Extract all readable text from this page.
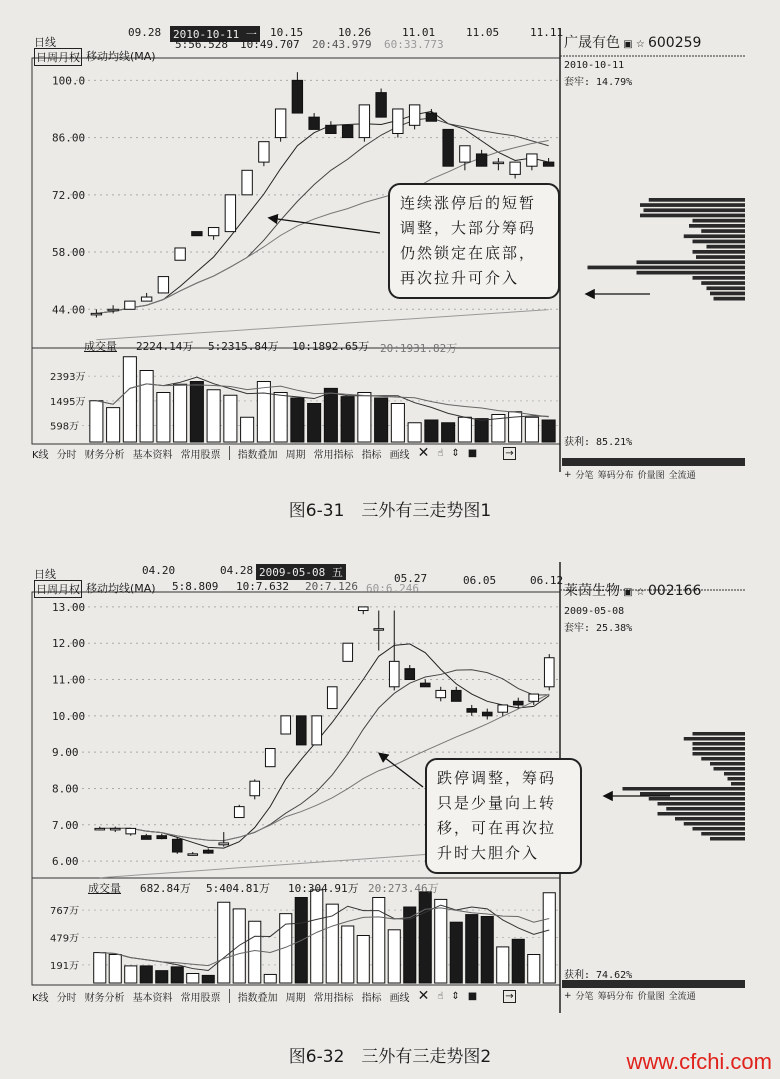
100.0
86.00
72.00
58.00
44.00
2393万
1495万
598万
日线
日周月权 移动均线(MA)
09.28 2010-10-11 一 10.15	10.26	11.01	11.05	11.11
5:56.528 10:49.707 20:43.979 60:33.773
成交量 2224.14万 5:2315.84万 10:1892.65万 20:1931.82万
K线 分时 财务分析 基本资料 常用股票 指数叠加 周期 常用指标 指标 画线 ✕ ☝ ⇕ ■	→
广晟有色 ▣ ☆ 600259
2010-10-11
套牢: 14.79%
获利: 85.21%
+ 分笔 筹码分布 价量图 全流通
连续涨停后的短暂调整，大部分筹码仍然锁定在底部，再次拉升可介入
图6-31　三外有三走势图1
13.00
12.00
11.00
10.00
9.00
8.00
7.00
6.00
767万
479万
191万
日线
日周月权 移动均线(MA)
04.20	04.28 2009-05-08 五	05.27	06.05	06.12
5:8.809 10:7.632 20:7.126 60:6.246
成交量 682.84万 5:404.81万 10:304.91万 20:273.46万
K线 分时 财务分析 基本资料 常用股票 指数叠加 周期 常用指标 指标 画线 ✕ ☝ ⇕ ■	→
莱茵生物 ▣ ☆ 002166
2009-05-08
套牢: 25.38%
获利: 74.62%
+ 分笔 筹码分布 价量图 全流通
跌停调整，筹码只是少量向上转移，可在再次拉升时大胆介入
图6-32　三外有三走势图2	www.cfchi.com
